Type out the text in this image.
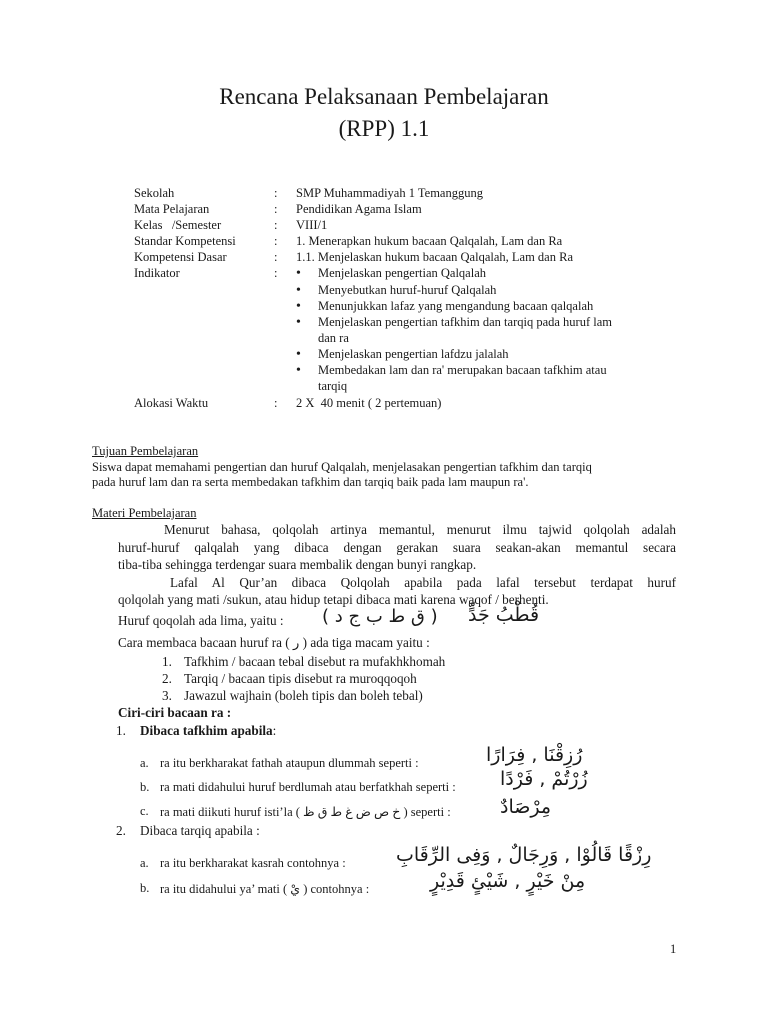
Rencana Pelaksanaan Pembelajaran
(RPP) 1.1
Sekolah	: SMP Muhammadiyah 1 Temanggung
Mata Pelajaran	: Pendidikan Agama Islam
Kelas   /Semester	: VIII/1
Standar Kompetensi	: 1. Menerapkan hukum bacaan Qalqalah, Lam dan Ra
Kompetensi Dasar	: 1.1. Menjelaskan hukum bacaan Qalqalah, Lam dan Ra
Indikator	:
•	Menjelaskan pengertian Qalqalah
• Menyebutkan huruf-huruf Qalqalah
• Menunjukkan lafaz yang mengandung bacaan qalqalah
• Menjelaskan pengertian tafkhim dan tarqiq pada huruf lam
dan ra
• Menjelaskan pengertian lafdzu jalalah
• Membedakan lam dan ra' merupakan bacaan tafkhim atau
tarqiq
Alokasi Waktu	: 2 X  40 menit ( 2 pertemuan)
Tujuan Pembelajaran
Siswa dapat memahami pengertian dan huruf Qalqalah, menjelasakan pengertian tafkhim dan tarqiq
pada huruf lam dan ra serta membedakan tafkhim dan tarqiq baik pada lam maupun ra'.
Materi Pembelajaran
Menurut bahasa, qolqolah artinya memantul, menurut ilmu tajwid qolqolah adalah
huruf-huruf qalqalah yang dibaca dengan gerakan suara seakan-akan memantul secara
tiba-tiba sehingga terdengar suara membalik dengan bunyi rangkap.
Lafal Al Qur’an dibaca Qolqolah apabila pada lafal tersebut terdapat huruf
qolqolah yang mati /sukun, atau hidup tetapi dibaca mati karena waqof / berhenti.
Huruf qoqolah ada lima, yaitu : ( ق ط ب ج د ) قُطْبُ جَدٍّ
Cara membaca bacaan huruf ra ( ر ) ada tiga macam yaitu :
1. Tafkhim / bacaan tebal disebut ra mufakhkhomah
2. Tarqiq / bacaan tipis disebut ra muroqqoqoh
3. Jawazul wajhain (boleh tipis dan boleh tebal)
Ciri-ciri bacaan ra :
1. Dibaca tafkhim apabila:
a. ra itu berkharakat fathah ataupun dlummah seperti :	رُزِقْنَا , فِرَارًا
b. ra mati didahului huruf berdlumah atau berfatkhah seperti : زُرْتُمْ , فَرْدًا
c. ra mati diikuti huruf isti’la ( خ ص ض غ ط ق ظ ) seperti :	مِرْصَادٌ
2. Dibaca tarqiq apabila :
a. ra itu berkharakat kasrah contohnya :	رِزْقًا قَالُوْا , وَرِجَالٌ , وَفِى الرِّقَابِ
b. ra itu didahului ya’ mati ( يْ ) contohnya :	مِنْ خَيْرٍ , شَيْئٍ قَدِيْرٍ
1
